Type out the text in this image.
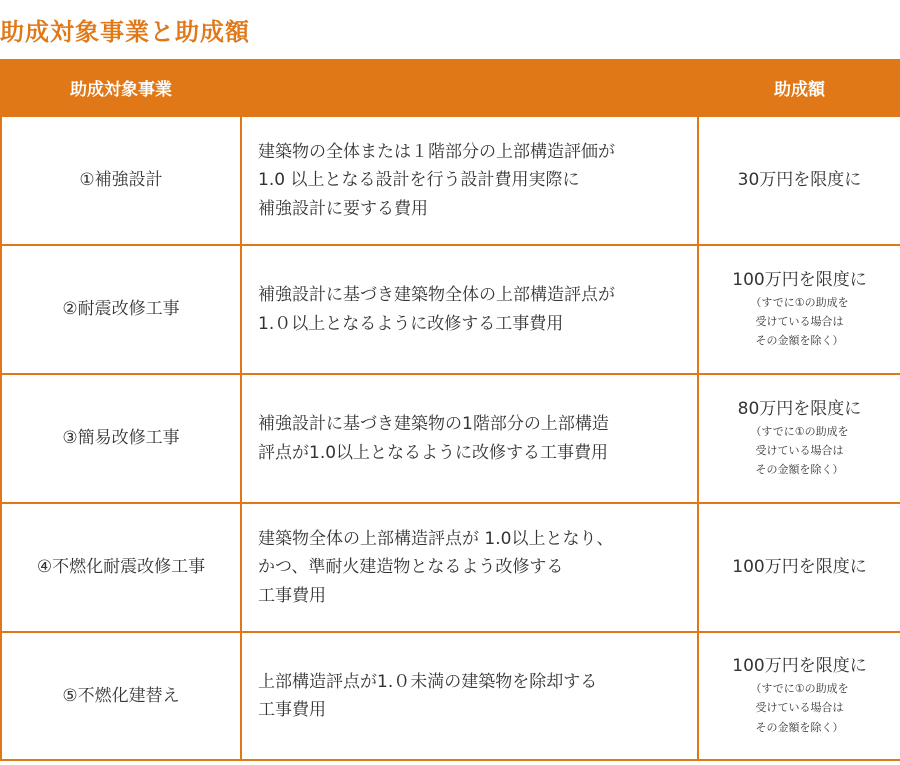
助成対象事業と助成額
助成対象事業		助成額
①補強設計	建築物の全体または１階部分の上部構造評価が
1.0 以上となる設計を行う設計費用実際に
補強設計に要する費用	30万円を限度に

②耐震改修工事	補強設計に基づき建築物全体の上部構造評点が
1.０以上となるように改修する工事費用	100万円を限度に
（すでに①の助成を
受けている場合は
その金額を除く）

③簡易改修工事	補強設計に基づき建築物の1階部分の上部構造
評点が1.0以上となるように改修する工事費用	80万円を限度に
（すでに①の助成を
受けている場合は
その金額を除く）

④不燃化耐震改修工事	建築物全体の上部構造評点が 1.0以上となり、
かつ、準耐火建造物となるよう改修する
工事費用	100万円を限度に

⑤不燃化建替え	上部構造評点が1.０未満の建築物を除却する
工事費用	100万円を限度に
（すでに①の助成を
受けている場合は
その金額を除く）
